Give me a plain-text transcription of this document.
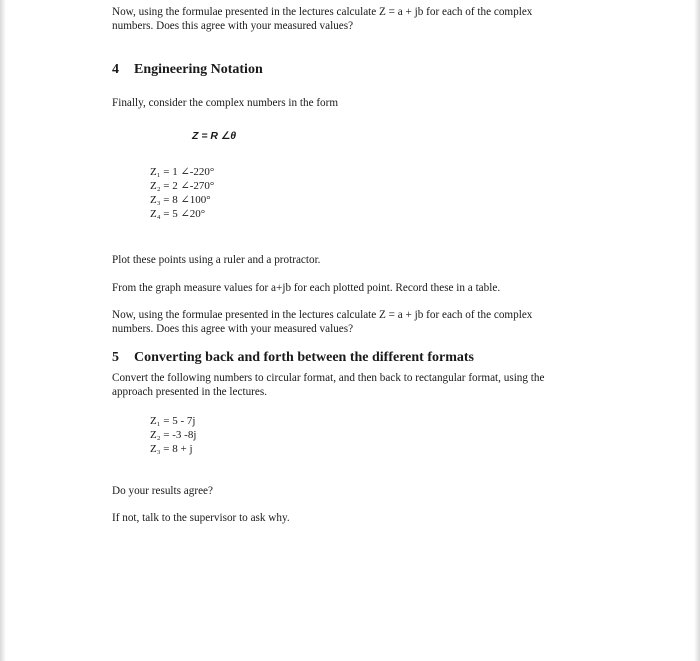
Now, using the formulae presented in the lectures calculate Z = a + jb for each of the complex

numbers. Does this agree with your measured values?

4 Engineering Notation

Finally, consider the complex numbers in the form

Z = R ∠θ
Z₁ = 1 ∠-220°
Z₂ = 2 ∠-270°
Z₃ = 8 ∠100°
Z₄ = 5 ∠20°

Plot these points using a ruler and a protractor.

From the graph measure values for a+jb for each plotted point. Record these in a table.

Now, using the formulae presented in the lectures calculate Z = a + jb for each of the complex

numbers. Does this agree with your measured values?

5 Converting back and forth between the different formats

Convert the following numbers to circular format, and then back to rectangular format, using the

approach presented in the lectures.

Z₁ = 5 - 7j
Z₂ = -3 -8j
Z₃ = 8 + j

Do your results agree?

If not, talk to the supervisor to ask why.
